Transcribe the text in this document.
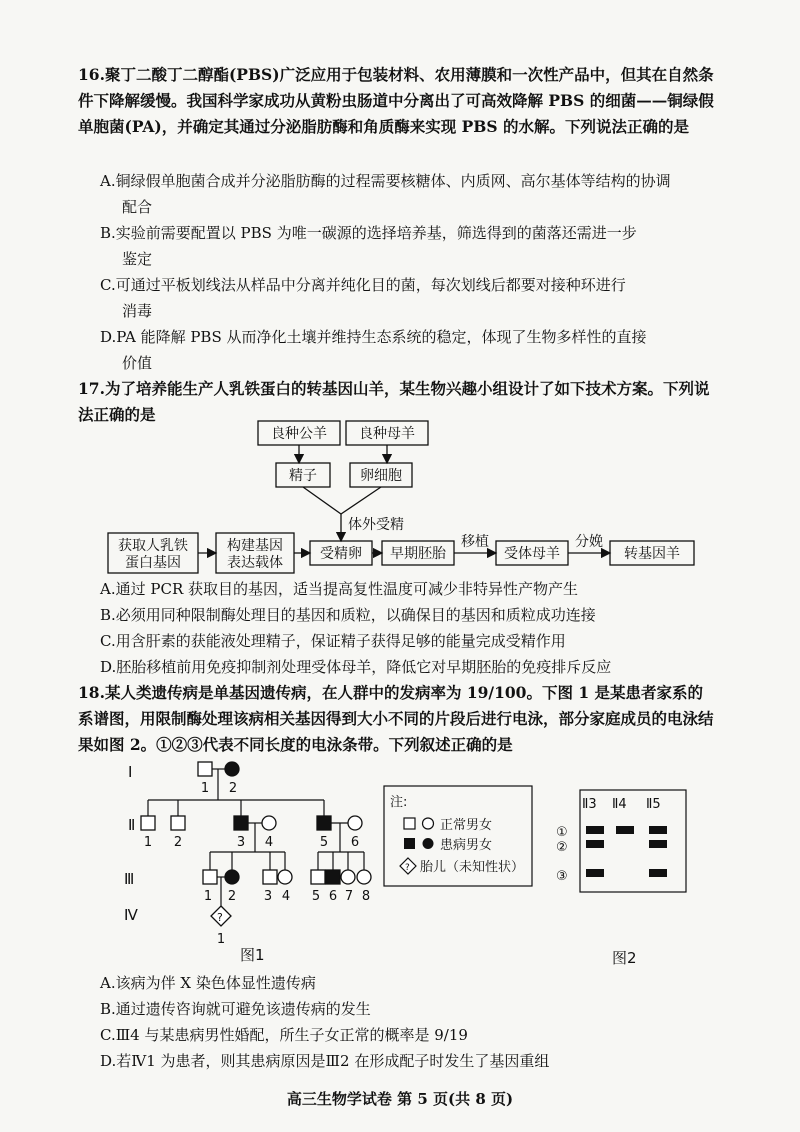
16.聚丁二酸丁二醇酯(PBS)广泛应用于包装材料、农用薄膜和一次性产品中，但其在自然条件下降解缓慢。我国科学家成功从黄粉虫肠道中分离出了可高效降解 PBS 的细菌——铜绿假单胞菌(PA)，并确定其通过分泌脂肪酶和角质酶来实现 PBS 的水解。下列说法正确的是
A.铜绿假单胞菌合成并分泌脂肪酶的过程需要核糖体、内质网、高尔基体等结构的协调
配合
B.实验前需要配置以 PBS 为唯一碳源的选择培养基，筛选得到的菌落还需进一步
鉴定
C.可通过平板划线法从样品中分离并纯化目的菌，每次划线后都要对接种环进行
消毒
D.PA 能降解 PBS 从而净化土壤并维持生态系统的稳定，体现了生物多样性的直接
价值
17.为了培养能生产人乳铁蛋白的转基因山羊，某生物兴趣小组设计了如下技术方案。下列说法正确的是
良种公羊 良种母羊
精子	卵细胞
体外受精
获取人乳铁
蛋白基因
构建基因
表达载体
受精卵 早期胚胎
移植
受体母羊
分娩
转基因羊
A.通过 PCR 获取目的基因，适当提高复性温度可减少非特异性产物产生
B.必须用同种限制酶处理目的基因和质粒，以确保目的基因和质粒成功连接
C.用含肝素的获能液处理精子，保证精子获得足够的能量完成受精作用
D.胚胎移植前用免疫抑制剂处理受体母羊，降低它对早期胚胎的免疫排斥反应
18.某人类遗传病是单基因遗传病，在人群中的发病率为 19/100。下图 1 是某患者家系的系谱图，用限制酶处理该病相关基因得到大小不同的片段后进行电泳，部分家庭成员的电泳结果如图 2。①②③代表不同长度的电泳条带。下列叙述正确的是
Ⅰ
Ⅱ
Ⅲ
Ⅳ	?
1 2
1 2	3 4	5 6
1 2 3 4 5 6 7 8
1
注:
正常男女
患病男女
? 胎儿（未知性状）
Ⅱ3 Ⅱ4 Ⅱ5
①
②
③
图1	图2
A.该病为伴 X 染色体显性遗传病
B.通过遗传咨询就可避免该遗传病的发生
C.Ⅲ4 与某患病男性婚配，所生子女正常的概率是 9/19
D.若Ⅳ1 为患者，则其患病原因是Ⅲ2 在形成配子时发生了基因重组
高三生物学试卷 第 5 页(共 8 页)
